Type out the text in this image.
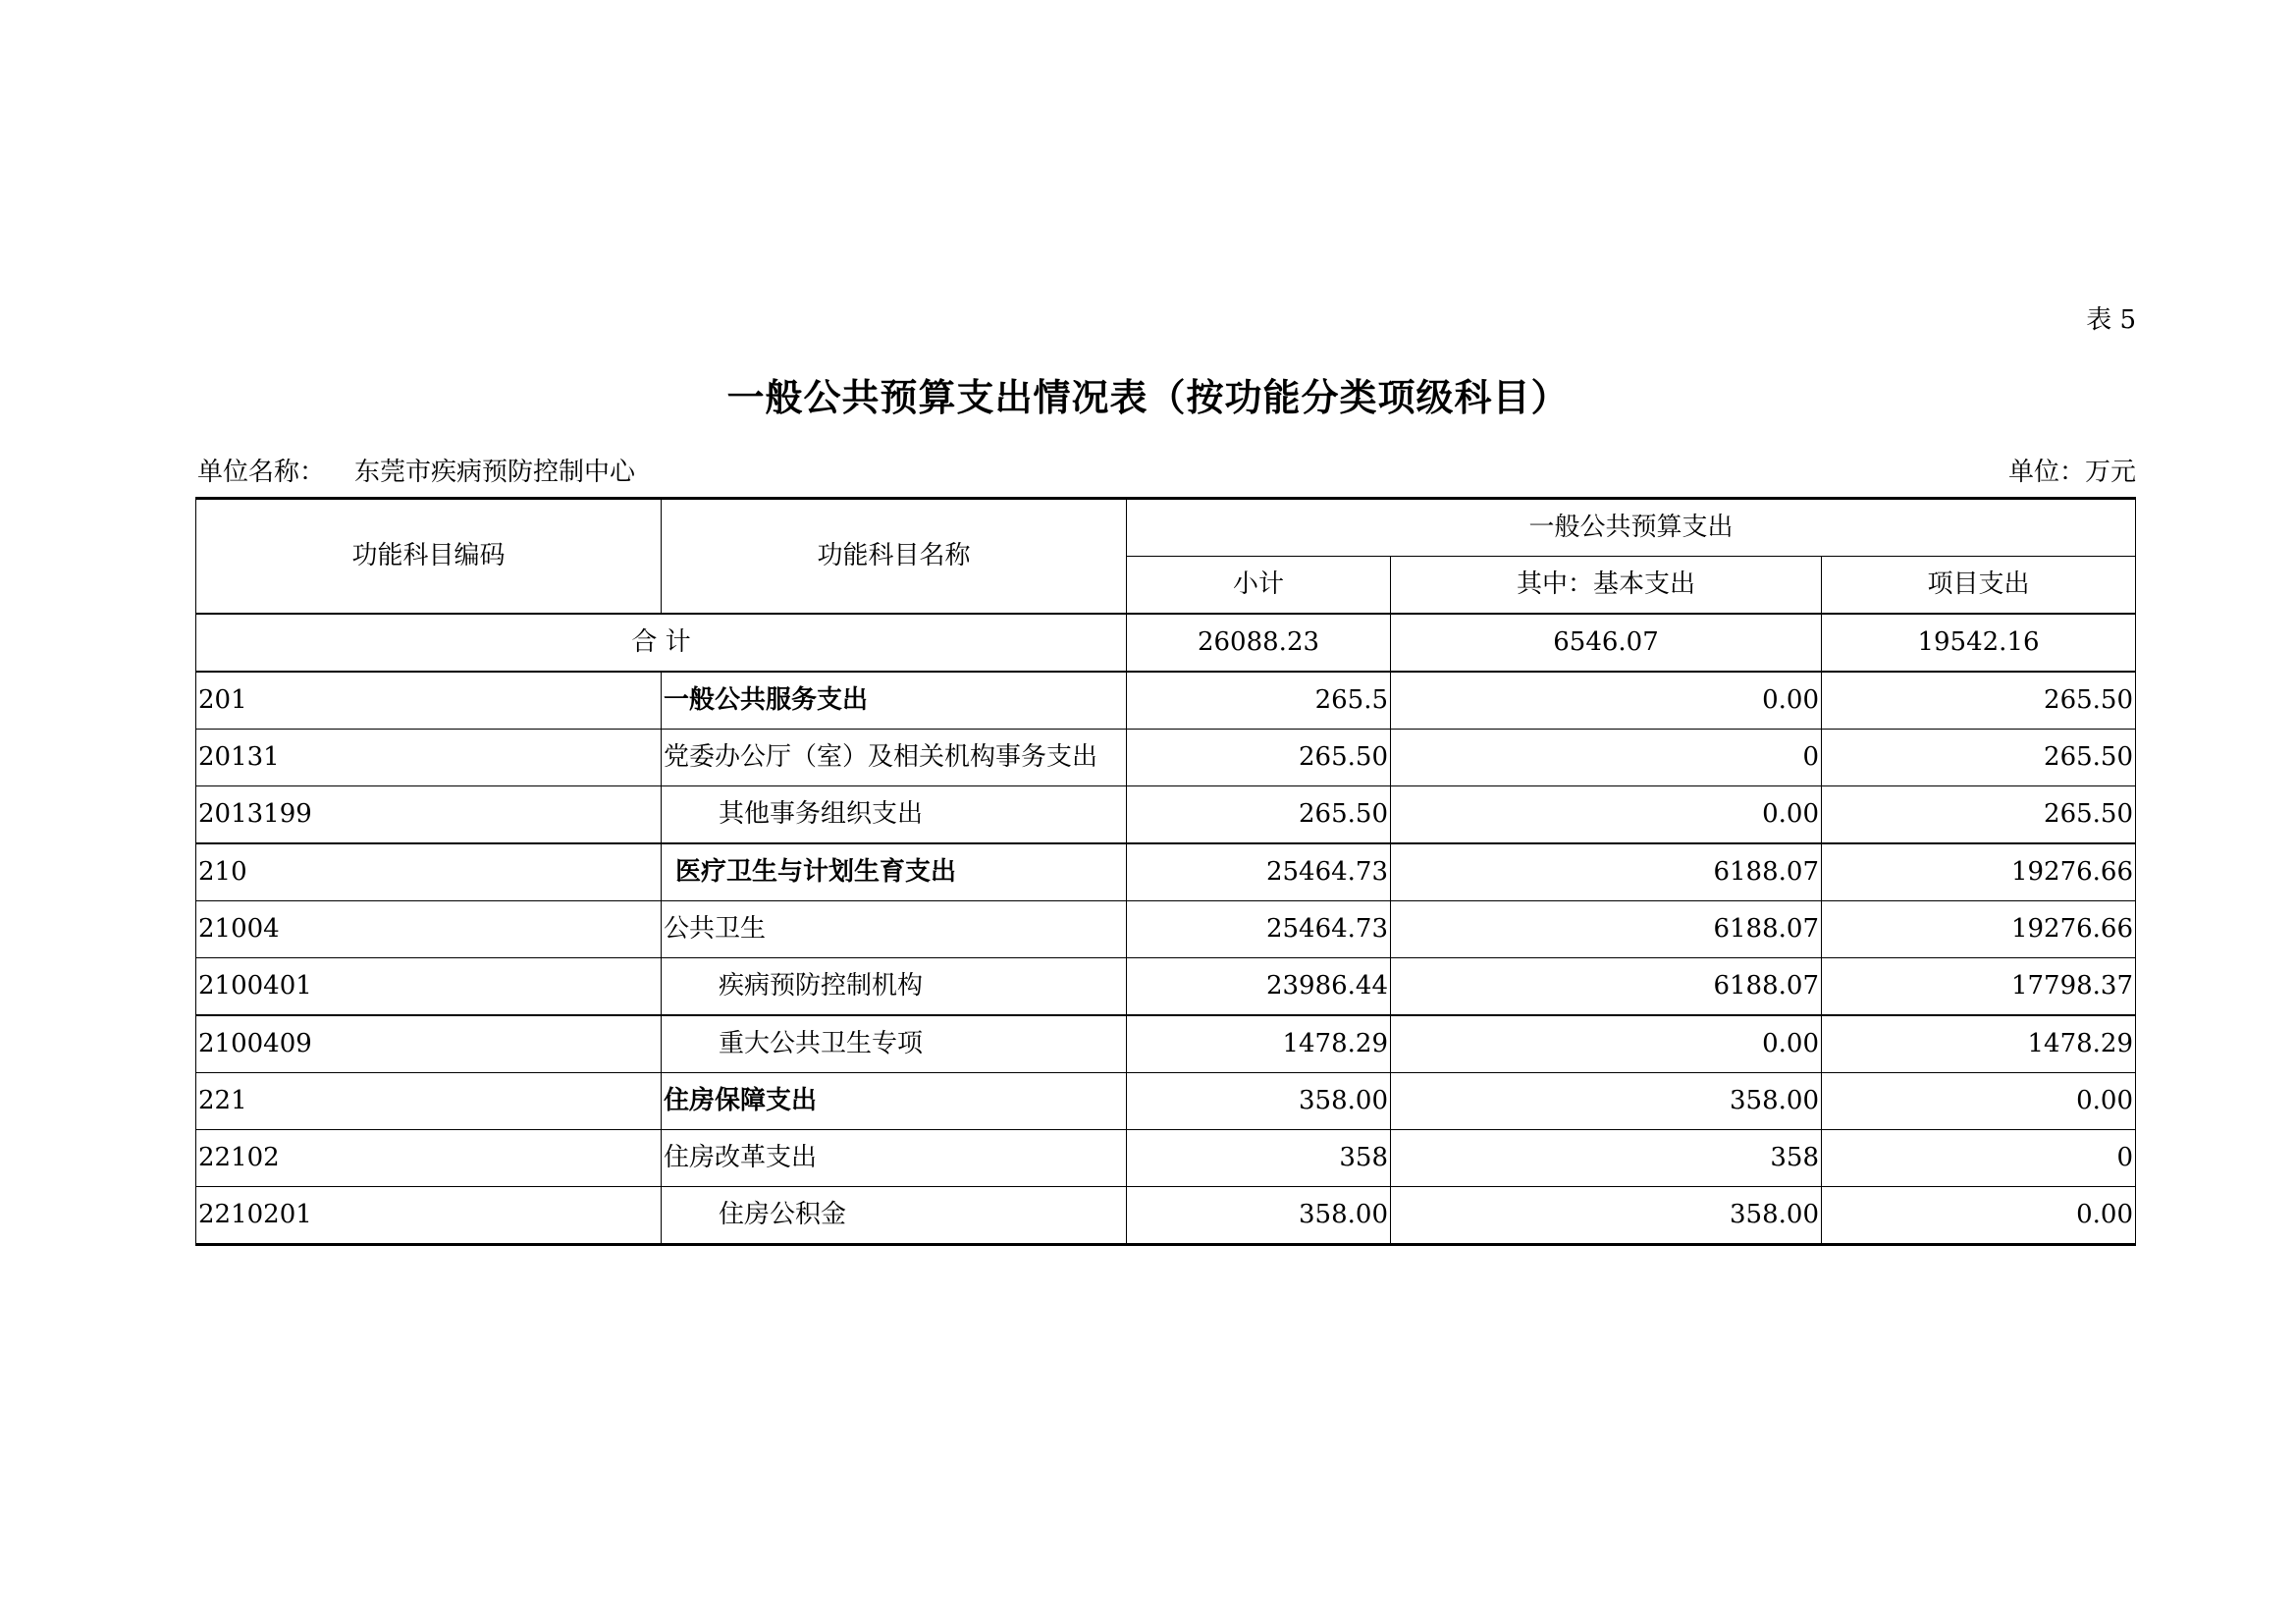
表 5
一般公共预算支出情况表（按功能分类项级科目）
单位名称： 东莞市疾病预防控制中心	单位：万元
功能科目编码	功能科目名称	一般公共预算支出		
		小计	其中：基本支出	项目支出
合 计		26088.23	6546.07	19542.16
201	一般公共服务支出	265.5	0.00	265.50
20131	党委办公厅（室）及相关机构事务支出	265.50	0	265.50
2013199	其他事务组织支出	265.50	0.00	265.50
210	医疗卫生与计划生育支出	25464.73	6188.07	19276.66
21004	公共卫生	25464.73	6188.07	19276.66
2100401	疾病预防控制机构	23986.44	6188.07	17798.37
2100409	重大公共卫生专项	1478.29	0.00	1478.29
221	住房保障支出	358.00	358.00	0.00
22102	住房改革支出	358	358	0
2210201	住房公积金	358.00	358.00	0.00
